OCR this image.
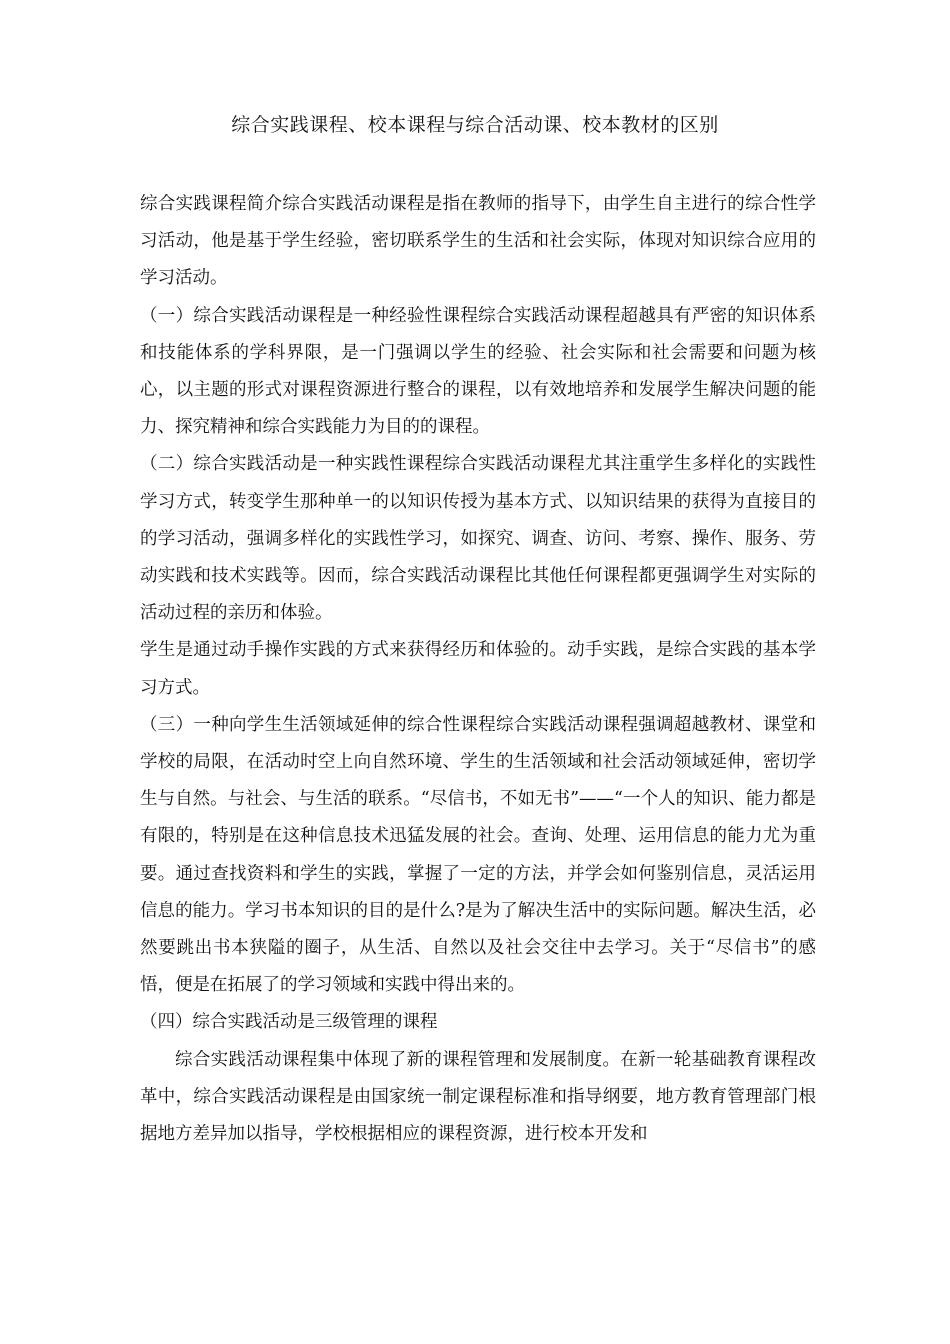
综合实践课程、校本课程与综合活动课、校本教材的区别

综合实践课程简介综合实践活动课程是指在教师的指导下，由学生自主进行的综合性学习活动，他是基于学生经验，密切联系学生的生活和社会实际，体现对知识综合应用的学习活动。

（一）综合实践活动课程是一种经验性课程综合实践活动课程超越具有严密的知识体系和技能体系的学科界限，是一门强调以学生的经验、社会实际和社会需要和问题为核心，以主题的形式对课程资源进行整合的课程，以有效地培养和发展学生解决问题的能力、探究精神和综合实践能力为目的的课程。

（二）综合实践活动是一种实践性课程综合实践活动课程尤其注重学生多样化的实践性学习方式，转变学生那种单一的以知识传授为基本方式、以知识结果的获得为直接目的的学习活动，强调多样化的实践性学习，如探究、调查、访问、考察、操作、服务、劳动实践和技术实践等。因而，综合实践活动课程比其他任何课程都更强调学生对实际的活动过程的亲历和体验。

学生是通过动手操作实践的方式来获得经历和体验的。动手实践，是综合实践的基本学习方式。

（三）一种向学生生活领域延伸的综合性课程综合实践活动课程强调超越教材、课堂和学校的局限，在活动时空上向自然环境、学生的生活领域和社会活动领域延伸，密切学生与自然。与社会、与生活的联系。“尽信书，不如无书”——“一个人的知识、能力都是有限的，特别是在这种信息技术迅猛发展的社会。查询、处理、运用信息的能力尤为重要。通过查找资料和学生的实践，掌握了一定的方法，并学会如何鉴别信息，灵活运用信息的能力。学习书本知识的目的是什么?是为了解决生活中的实际问题。解决生活，必然要跳出书本狭隘的圈子，从生活、自然以及社会交往中去学习。关于“尽信书”的感悟，便是在拓展了的学习领域和实践中得出来的。

（四）综合实践活动是三级管理的课程

综合实践活动课程集中体现了新的课程管理和发展制度。在新一轮基础教育课程改革中，综合实践活动课程是由国家统一制定课程标准和指导纲要，地方教育管理部门根据地方差异加以指导，学校根据相应的课程资源，进行校本开发和
